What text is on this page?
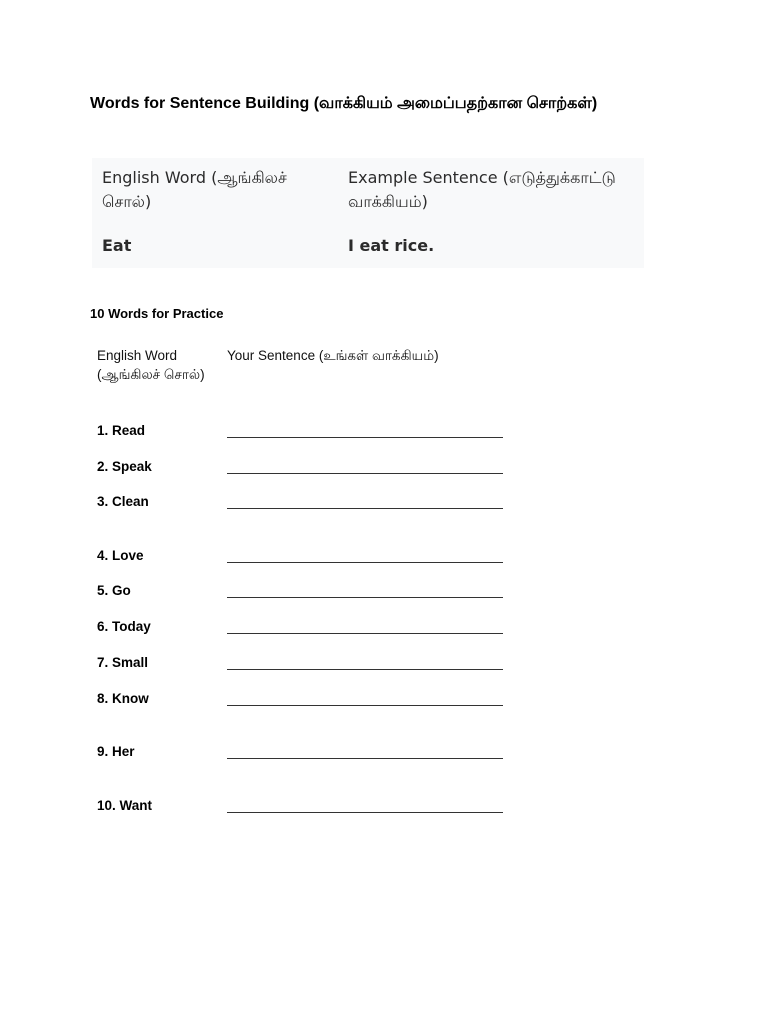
Words for Sentence Building (வாக்கியம் அமைப்பதற்கான சொற்கள்)
English Word (ஆங்கிலச் சொல்)
Example Sentence (எடுத்துக்காட்டு வாக்கியம்)
Eat	I eat rice.
10 Words for Practice
English Word (ஆங்கிலச் சொல்)
Your Sentence (உங்கள் வாக்கியம்)
1. Read
2. Speak
3. Clean
4. Love
5. Go
6. Today
7. Small
8. Know
9. Her
10. Want
